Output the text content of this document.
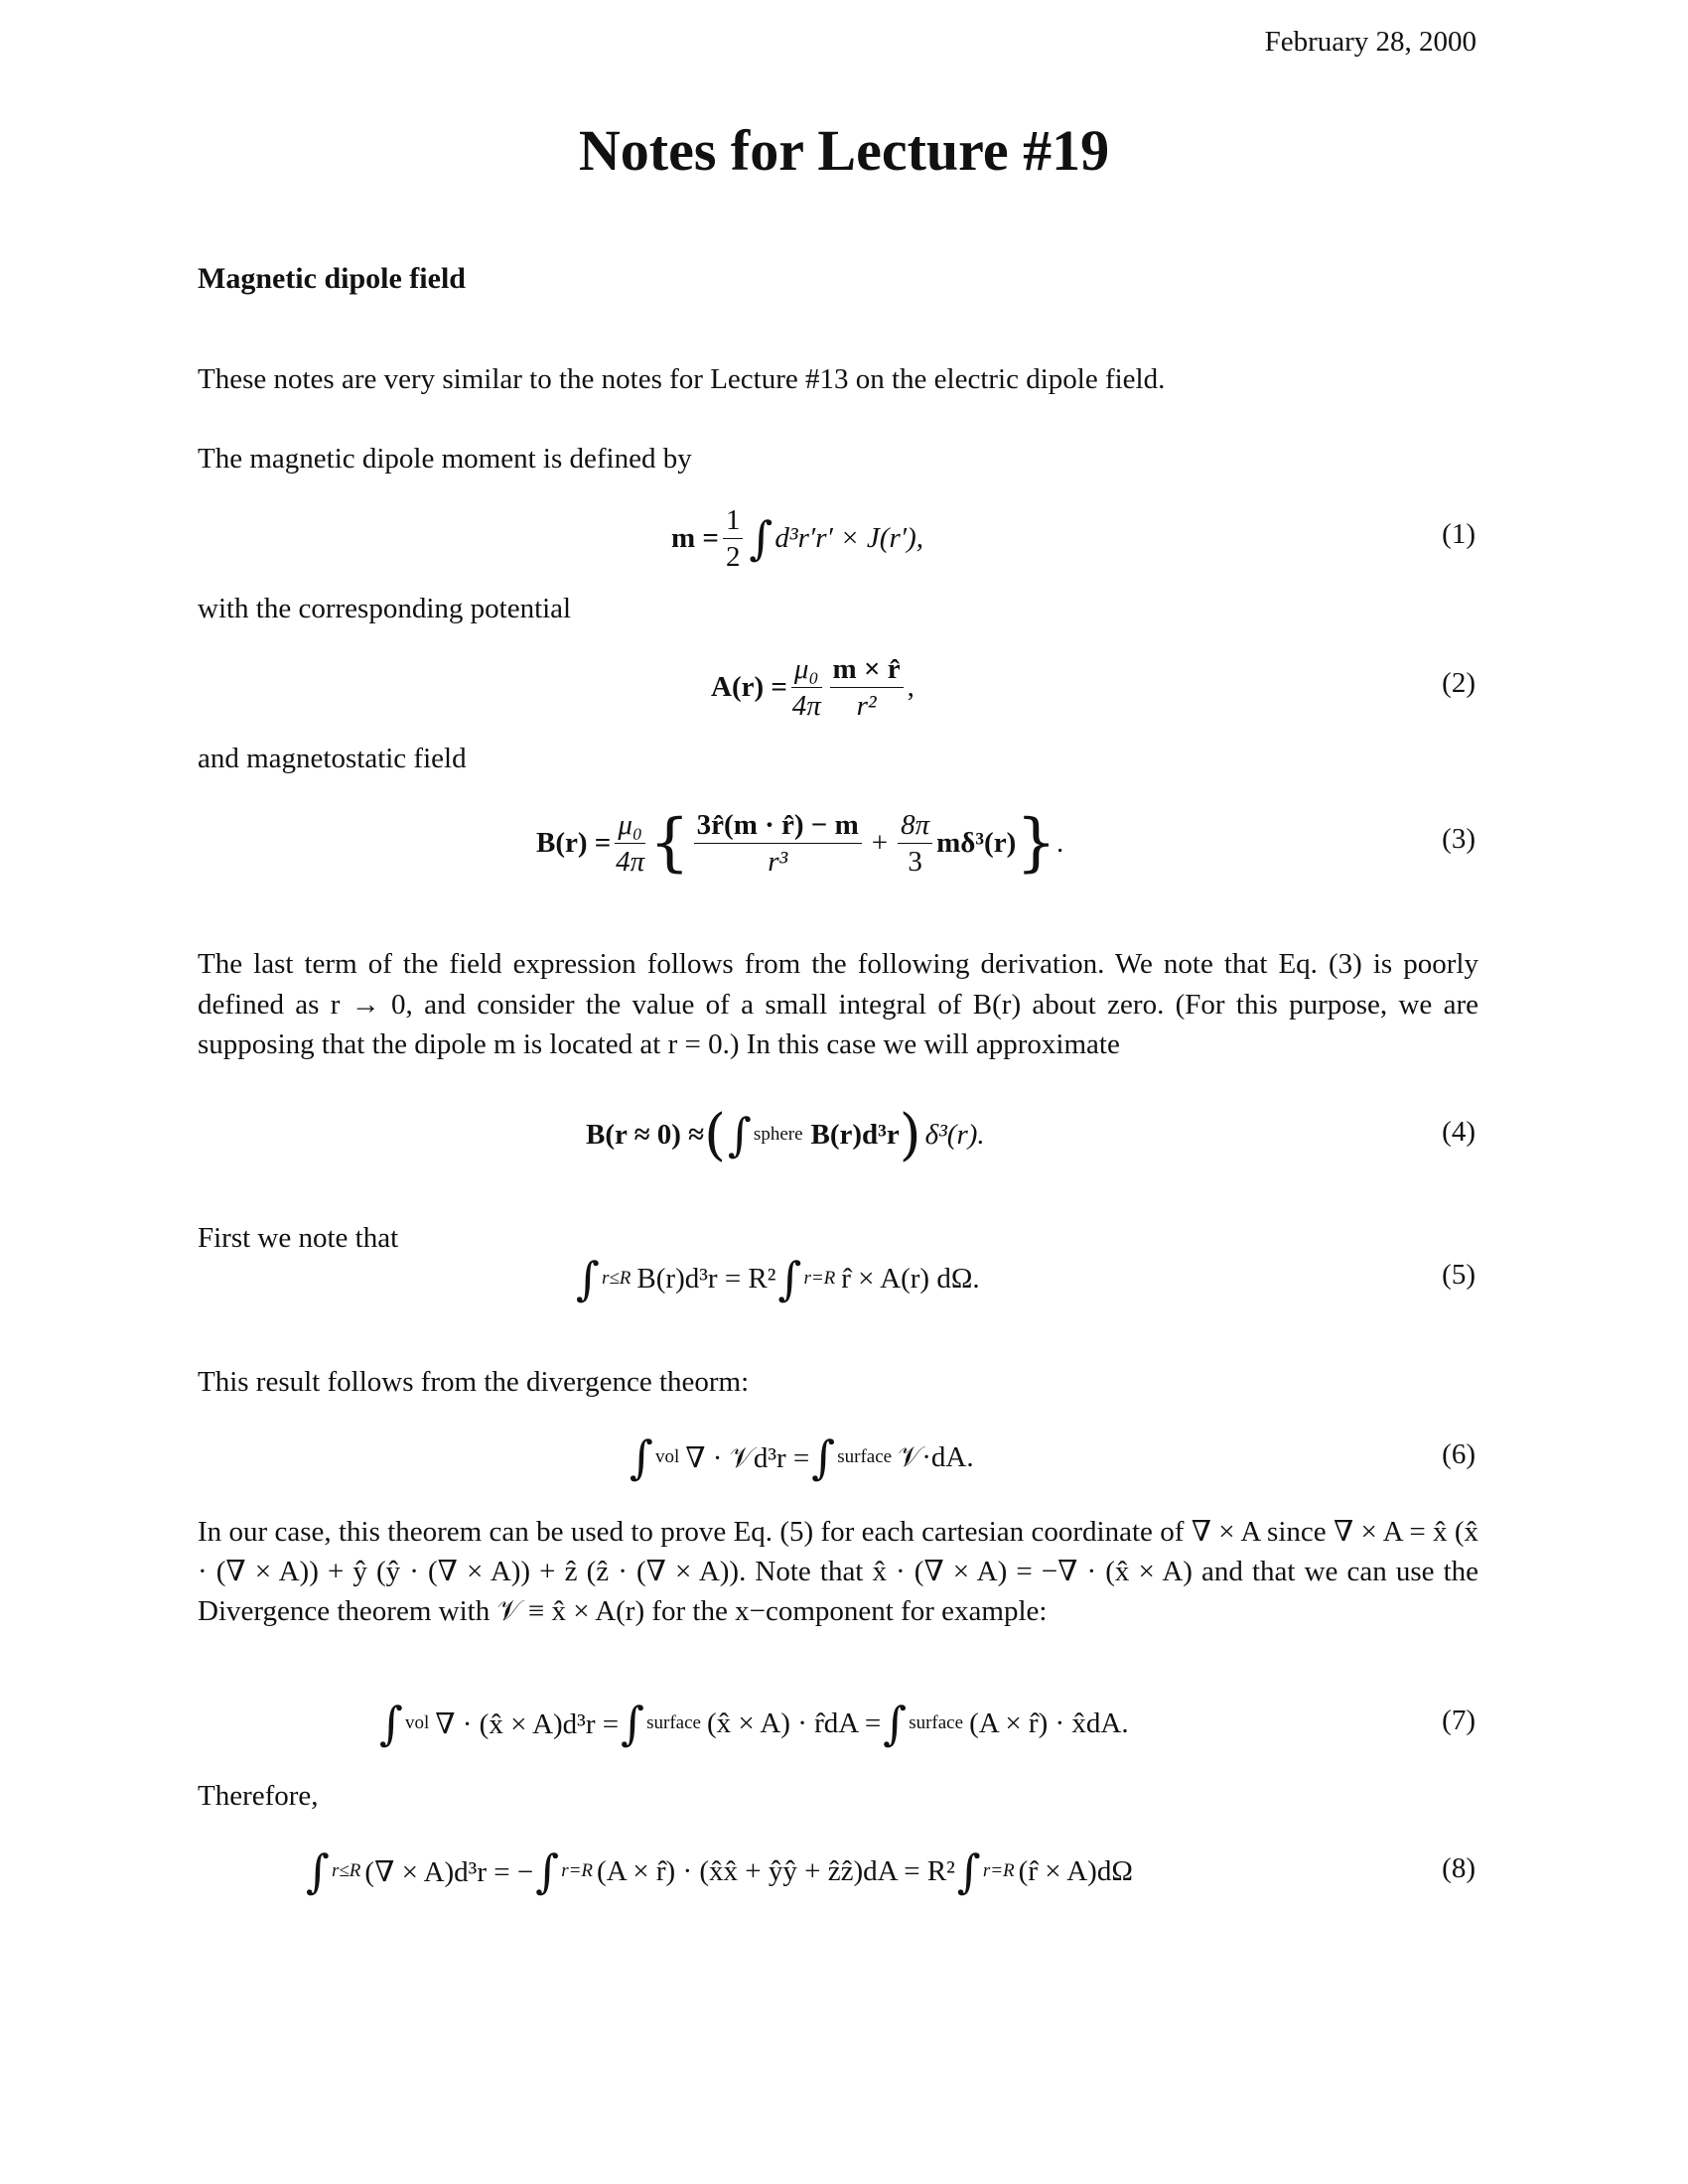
February 28, 2000
Notes for Lecture #19
Magnetic dipole field
These notes are very similar to the notes for Lecture #13 on the electric dipole field.
The magnetic dipole moment is defined by
$m = \frac{1}{2}$ ∫ d³r′r′ × J(r′),	(1)
with the corresponding potential
$A(r) = \frac{\text{μ₀}}{4\pi} \frac{m \times r̂}{\text{r²}}$ ,	(2)
and magnetostatic field
$B(r) = \frac{\text{μ₀}}{4\pi}$ { $\frac{3r̂(m \cdot r̂) - m}{\text{r³}} + \frac{8\pi}{3} m\delta^3(r)$ } .	(3)
The last term of the field expression follows from the following derivation. We note that Eq. (3) is poorly defined as r → 0, and consider the value of a small integral of B(r) about zero. (For this purpose, we are supposing that the dipole m is located at r = 0.) In this case we will approximate
B(r ≈ 0) ≈ ( ∫ sphere B(r)d³r ) δ³(r).	(4)
First we note that
∫ r≤R B(r)d³r = R² ∫ r=R r̂ × A(r) dΩ.	(5)
This result follows from the divergence theorm:
∫ vol ∇ · 𝒱d³r = ∫ surface 𝒱·dA.	(6)
In our case, this theorem can be used to prove Eq. (5) for each cartesian coordinate of ∇ × A since ∇ × A = x̂ (x̂ · (∇ × A)) + ŷ (ŷ · (∇ × A)) + ẑ (ẑ · (∇ × A)). Note that x̂ · (∇ × A) = −∇ · (x̂ × A) and that we can use the Divergence theorem with 𝒱 ≡ x̂ × A(r) for the x−component for example:
∫ vol ∇ · (x̂ × A)d³r = ∫ surface (x̂ × A) · r̂dA = ∫ surface (A × r̂) · x̂dA.	(7)
Therefore,
∫ r≤R (∇ × A)d³r = − ∫ r=R (A × r̂) · (x̂x̂ + ŷŷ + ẑẑ)dA = R² ∫ r=R (r̂ × A)dΩ	(8)
